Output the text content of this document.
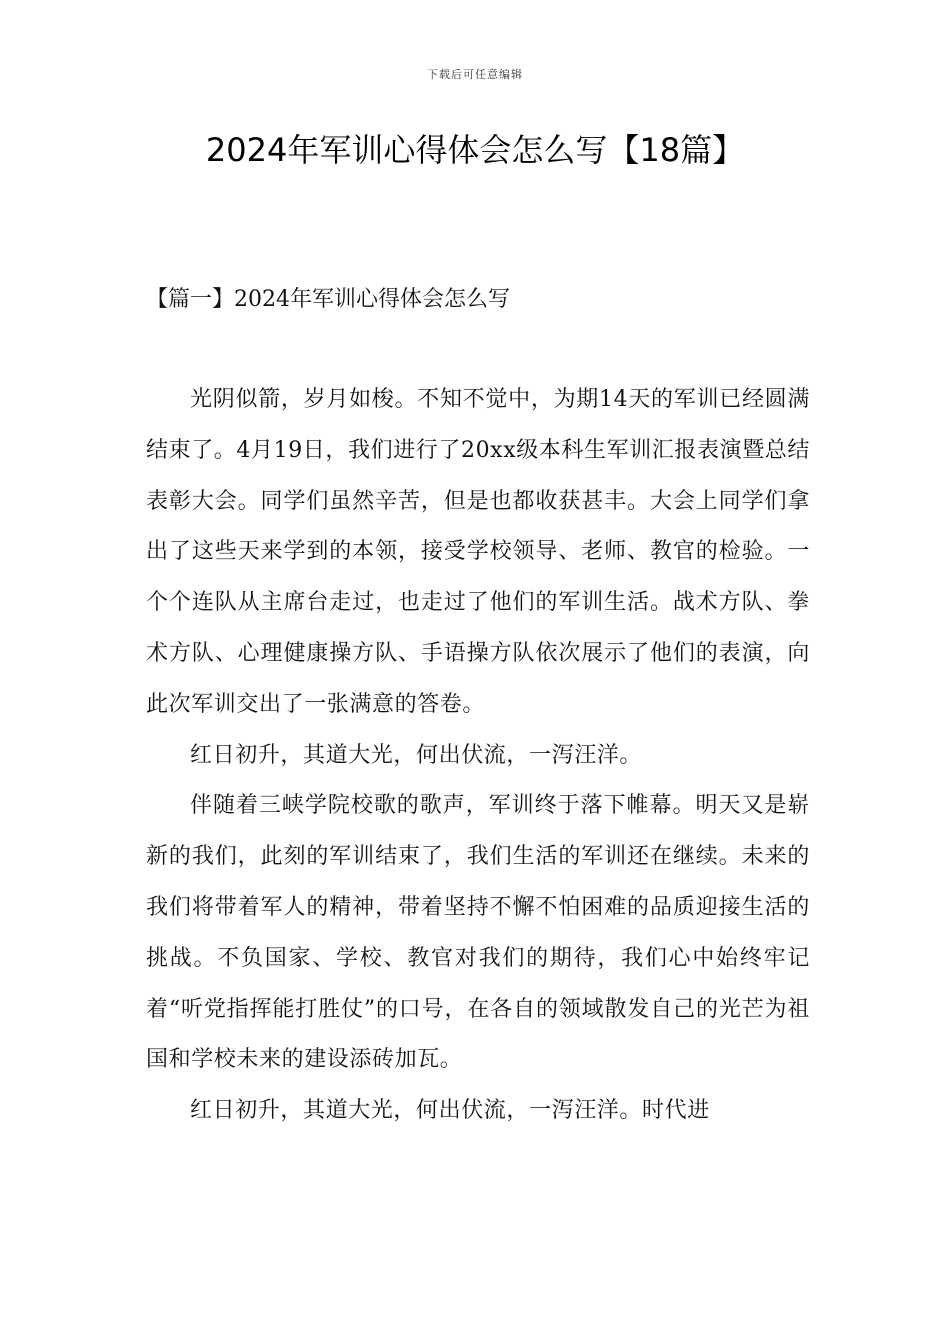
下载后可任意编辑
2024年军训心得体会怎么写【18篇】
【篇一】2024年军训心得体会怎么写

光阴似箭，岁月如梭。不知不觉中，为期14天的军训已经圆满结束了。4月19日，我们进行了20xx级本科生军训汇报表演暨总结表彰大会。同学们虽然辛苦，但是也都收获甚丰。大会上同学们拿出了这些天来学到的本领，接受学校领导、老师、教官的检验。一个个连队从主席台走过，也走过了他们的军训生活。战术方队、拳术方队、心理健康操方队、手语操方队依次展示了他们的表演，向此次军训交出了一张满意的答卷。

红日初升，其道大光，何出伏流，一泻汪洋。

伴随着三峡学院校歌的歌声，军训终于落下帷幕。明天又是崭新的我们，此刻的军训结束了，我们生活的军训还在继续。未来的我们将带着军人的精神，带着坚持不懈不怕困难的品质迎接生活的挑战。不负国家、学校、教官对我们的期待，我们心中始终牢记着“听党指挥能打胜仗”的口号，在各自的领域散发自己的光芒为祖国和学校未来的建设添砖加瓦。

红日初升，其道大光，何出伏流，一泻汪洋。时代进
